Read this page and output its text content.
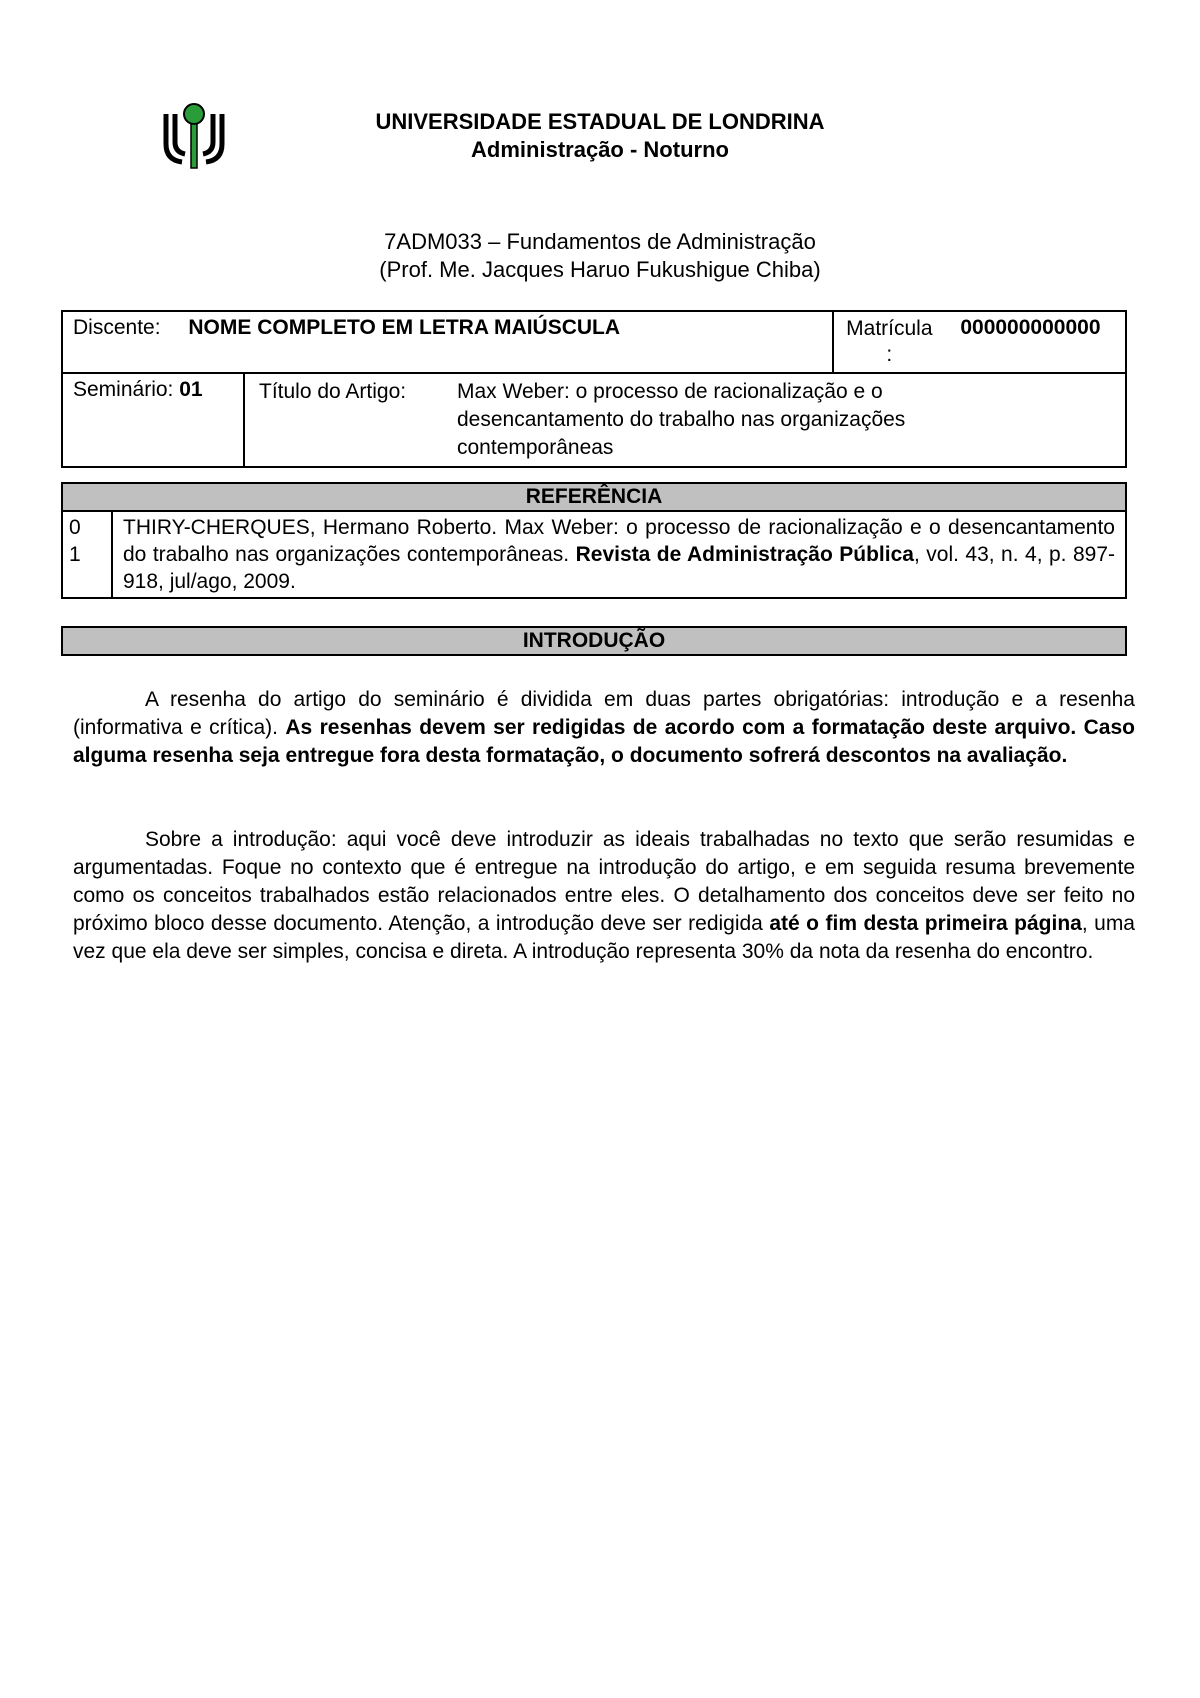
UNIVERSIDADE ESTADUAL DE LONDRINA
Administração - Noturno
7ADM033 – Fundamentos de Administração
(Prof. Me. Jacques Haruo Fukushigue Chiba)
Discente: NOME COMPLETO EM LETRA MAIÚSCULA		Matrícula
: 000000000000
Seminário: 01	Título do Artigo: Max Weber: o processo de racionalização e o desencantamento do trabalho nas organizações contemporâneas	
REFERÊNCIA

0
1
	THIRY-CHERQUES, Hermano Roberto. Max Weber: o processo de racionalização e o desencantamento do trabalho nas organizações contemporâneas. Revista de Administração Pública, vol. 43, n. 4, p. 897-918, jul/ago, 2009.
INTRODUÇÃO

A resenha do artigo do seminário é dividida em duas partes obrigatórias: introdução e a resenha (informativa e crítica). As resenhas devem ser redigidas de acordo com a formatação deste arquivo. Caso alguma resenha seja entregue fora desta formatação, o documento sofrerá descontos na avaliação.

Sobre a introdução: aqui você deve introduzir as ideais trabalhadas no texto que serão resumidas e argumentadas. Foque no contexto que é entregue na introdução do artigo, e em seguida resuma brevemente como os conceitos trabalhados estão relacionados entre eles. O detalhamento dos conceitos deve ser feito no próximo bloco desse documento. Atenção, a introdução deve ser redigida até o fim desta primeira página, uma vez que ela deve ser simples, concisa e direta. A introdução representa 30% da nota da resenha do encontro.
